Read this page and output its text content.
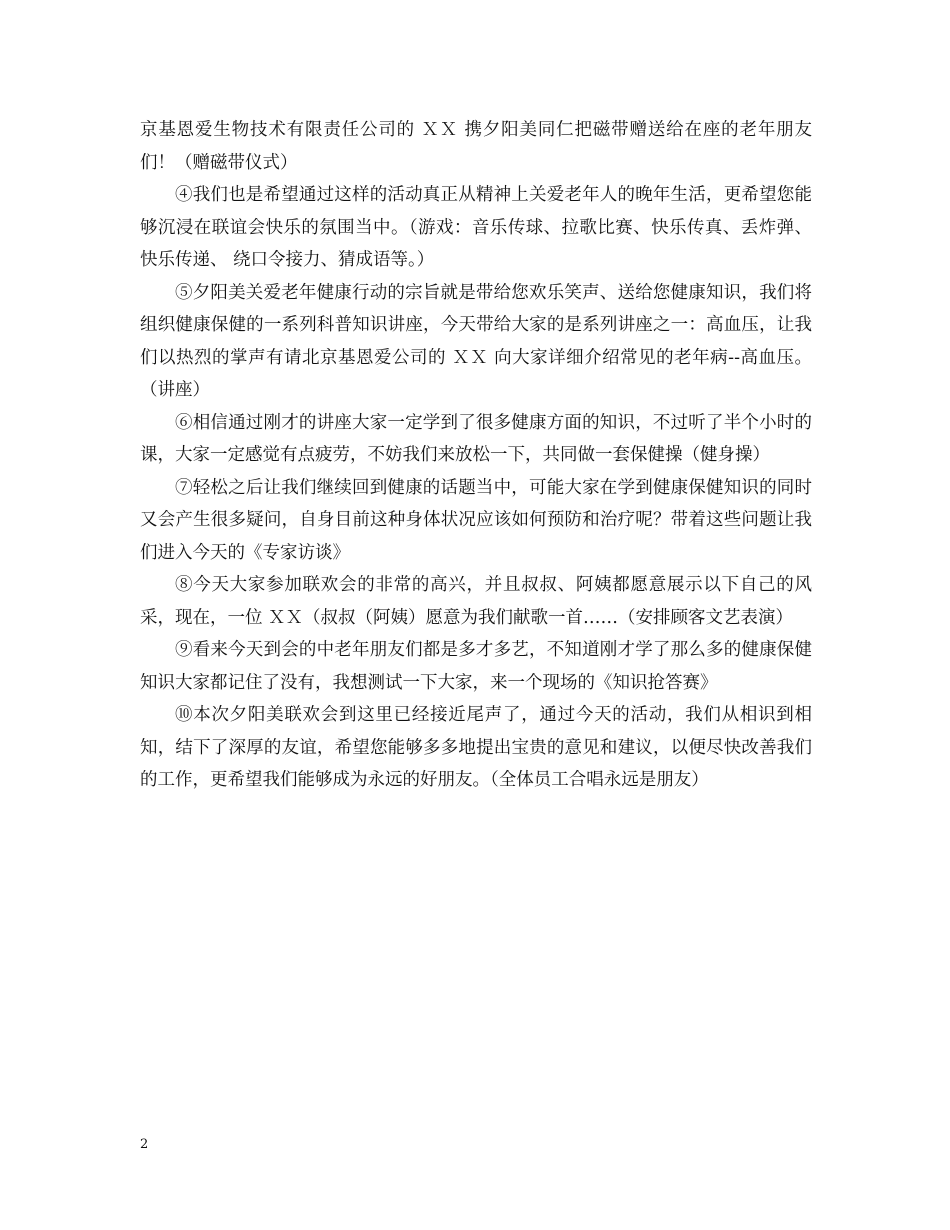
京基恩爱生物技术有限责任公司的 ＸＸ 携夕阳美同仁把磁带赠送给在座的老年朋友们！（赠磁带仪式）

④我们也是希望通过这样的活动真正从精神上关爱老年人的晚年生活，更希望您能够沉浸在联谊会快乐的氛围当中。（游戏：音乐传球、拉歌比赛、快乐传真、丢炸弹、快乐传递、 绕口令接力、猜成语等。）

⑤夕阳美关爱老年健康行动的宗旨就是带给您欢乐笑声、送给您健康知识，我们将组织健康保健的一系列科普知识讲座，今天带给大家的是系列讲座之一：高血压，让我们以热烈的掌声有请北京基恩爱公司的 ＸＸ 向大家详细介绍常见的老年病--高血压。（讲座）

⑥相信通过刚才的讲座大家一定学到了很多健康方面的知识，不过听了半个小时的课，大家一定感觉有点疲劳，不妨我们来放松一下，共同做一套保健操（健身操）

⑦轻松之后让我们继续回到健康的话题当中，可能大家在学到健康保健知识的同时又会产生很多疑问，自身目前这种身体状况应该如何预防和治疗呢？带着这些问题让我们进入今天的《专家访谈》

⑧今天大家参加联欢会的非常的高兴，并且叔叔、阿姨都愿意展示以下自己的风采，现在，一位 ＸＸ（叔叔（阿姨）愿意为我们献歌一首……（安排顾客文艺表演）

⑨看来今天到会的中老年朋友们都是多才多艺，不知道刚才学了那么多的健康保健知识大家都记住了没有，我想测试一下大家，来一个现场的《知识抢答赛》

⑩本次夕阳美联欢会到这里已经接近尾声了，通过今天的活动，我们从相识到相知，结下了深厚的友谊，希望您能够多多地提出宝贵的意见和建议，以便尽快改善我们的工作，更希望我们能够成为永远的好朋友。（全体员工合唱永远是朋友）

2
